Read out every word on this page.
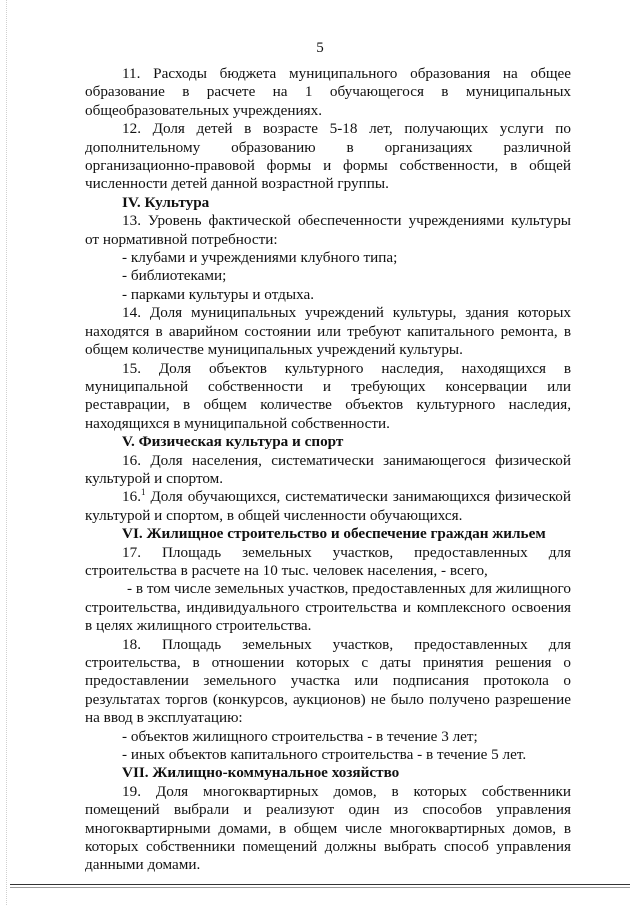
5

11. Расходы бюджета муниципального образования на общее образование в расчете на 1 обучающегося в муниципальных общеобразовательных учреждениях.

12. Доля детей в возрасте 5-18 лет, получающих услуги по дополнительному образованию в организациях различной организационно-правовой формы и формы собственности, в общей численности детей данной возрастной группы.

IV. Культура

13. Уровень фактической обеспеченности учреждениями культуры от нормативной потребности:

- клубами и учреждениями клубного типа;

- библиотеками;

- парками культуры и отдыха.

14. Доля муниципальных учреждений культуры, здания которых находятся в аварийном состоянии или требуют капитального ремонта, в общем количестве муниципальных учреждений культуры.

15. Доля объектов культурного наследия, находящихся в муниципальной собственности и требующих консервации или реставрации, в общем количестве объектов культурного наследия, находящихся в муниципальной собственности.

V. Физическая культура и спорт

16. Доля населения, систематически занимающегося физической культурой и спортом.

16.$^1$ Доля обучающихся, систематически занимающихся физической культурой и спортом, в общей численности обучающихся.

VI. Жилищное строительство и обеспечение граждан жильем

17. Площадь земельных участков, предоставленных для строительства в расчете на 10 тыс. человек населения, - всего,

- в том числе земельных участков, предоставленных для жилищного строительства, индивидуального строительства и комплексного освоения в целях жилищного строительства.

18. Площадь земельных участков, предоставленных для строительства, в отношении которых с даты принятия решения о предоставлении земельного участка или подписания протокола о результатах торгов (конкурсов, аукционов) не было получено разрешение на ввод в эксплуатацию:

- объектов жилищного строительства - в течение 3 лет;

- иных объектов капитального строительства - в течение 5 лет.

VII. Жилищно-коммунальное хозяйство

19. Доля многоквартирных домов, в которых собственники помещений выбрали и реализуют один из способов управления многоквартирными домами, в общем числе многоквартирных домов, в которых собственники помещений должны выбрать способ управления данными домами.
